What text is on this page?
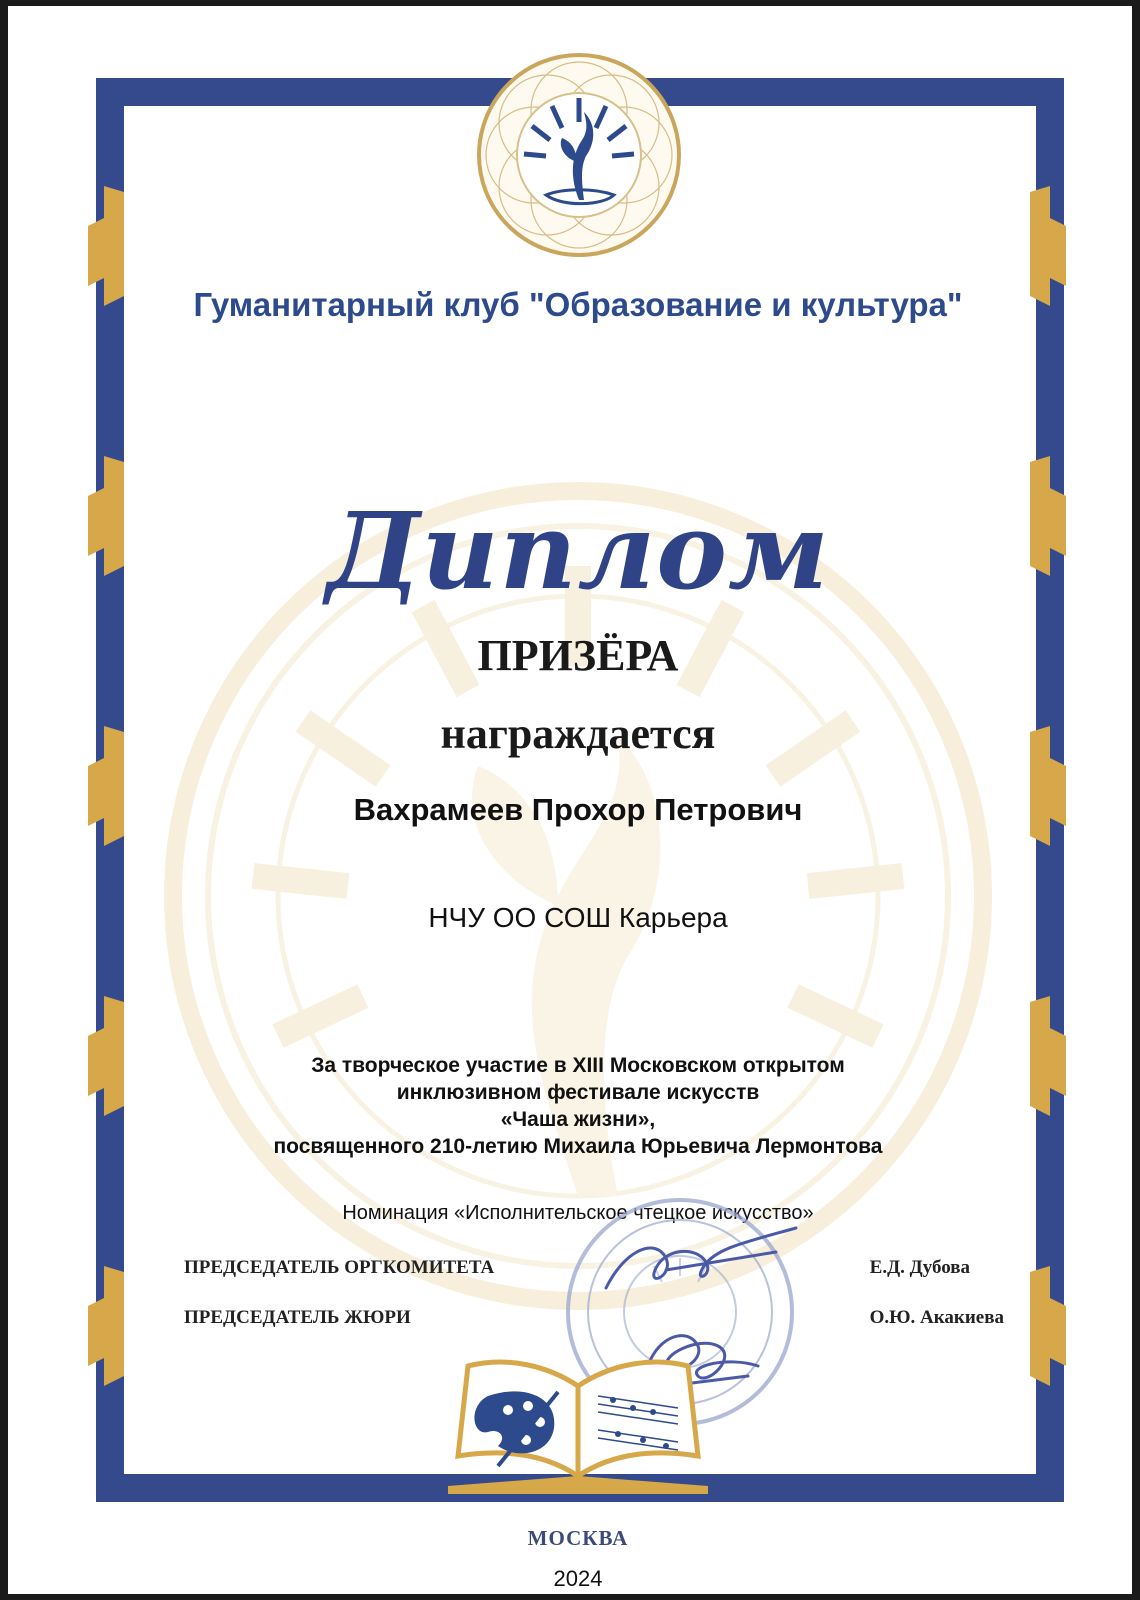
Гуманитарный клуб "Образование и культура"
Диплом
ПРИЗЁРА
награждается
Вахрамеев Прохор Петрович
НЧУ ОО СОШ Карьера
За творческое участие в XIII Московском открытом
инклюзивном фестивале искусств
«Чаша жизни»,
посвященного 210-летию Михаила Юрьевича Лермонтова
Номинация «Исполнительское чтецкое искусство»
ПРЕДСЕДАТЕЛЬ ОРГКОМИТЕТА	Е.Д. Дубова
ПРЕДСЕДАТЕЛЬ ЖЮРИ	О.Ю. Акакиева
МОСКВА
2024
